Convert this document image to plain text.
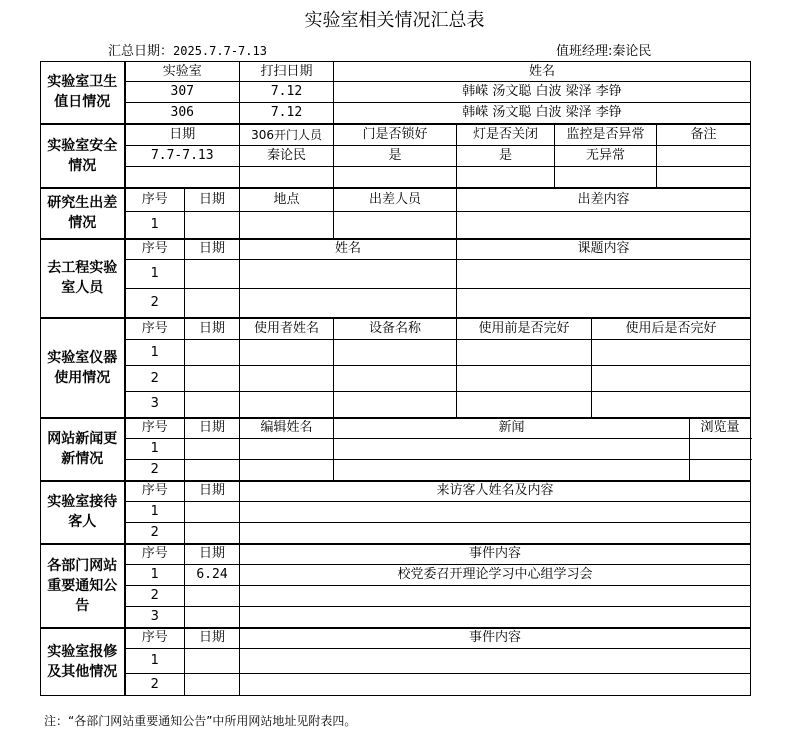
实验室相关情况汇总表
汇总日期：2025.7.7-7.13	值班经理:秦论民
实验室卫生值日情况	实验室		打扫日期	姓名					
	307		7.12	韩嵘 汤文聪 白波 梁泽 李铮					
	306		7.12	韩嵘 汤文聪 白波 梁泽 李铮					
实验室安全情况	日期		306开门人员	门是否锁好	灯是否关闭	监控是否异常		备注	
	7.7-7.13		秦论民	是	是	无异常			

研究生出差情况	序号	日期	地点	出差人员	出差内容				
	1								
去工程实验室人员	序号	日期	姓名		课题内容				
	1								
	2								
实验室仪器使用情况	序号	日期	使用者姓名	设备名称	使用前是否完好		使用后是否完好		
	1								
	2								
	3								
网站新闻更新情况	序号	日期	编辑姓名	新闻					浏览量
	1								
	2								
实验室接待客人	序号	日期	来访客人姓名及内容						
	1								
	2								
各部门网站重要通知公告	序号	日期	事件内容						
	1	6.24	校党委召开理论学习中心组学习会						
	2								
	3								
实验室报修及其他情况	序号	日期	事件内容						
	1								
	2								
注：“各部门网站重要通知公告”中所用网站地址见附表四。
